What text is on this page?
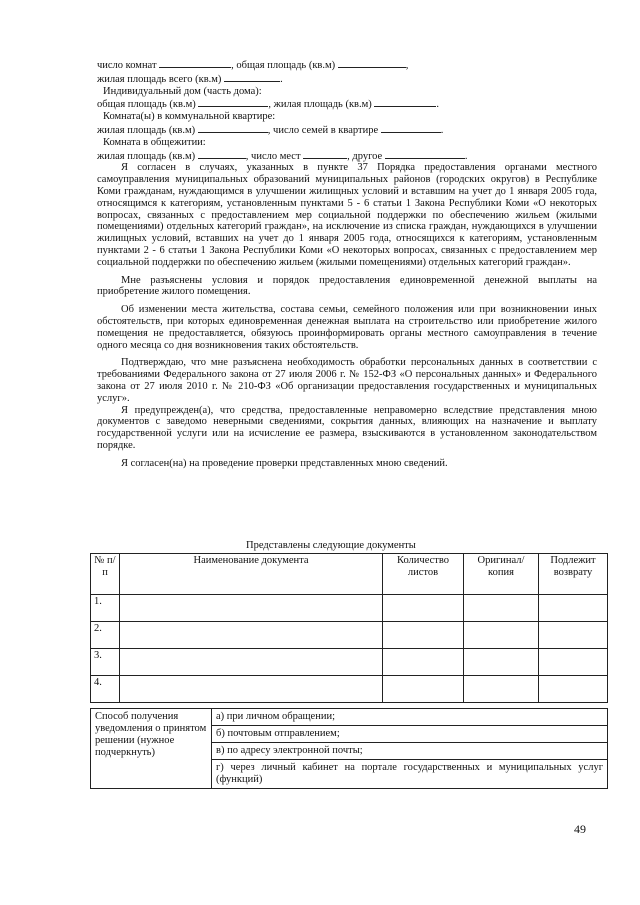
число комнат	, общая площадь (кв.м)	,
жилая площадь всего (кв.м)	.
Индивидуальный дом (часть дома):
общая площадь (кв.м)	, жилая площадь (кв.м)	.
Комната(ы) в коммунальной квартире:
жилая площадь (кв.м)	, число семей в квартире	.
Комната в общежитии:
жилая площадь (кв.м)	, число мест	, другое	.

Я согласен в случаях, указанных в пункте 37 Порядка предоставления органами местного самоуправления муниципальных образований муниципальных районов (городских округов) в Республике Коми гражданам, нуждающимся в улучшении жилищных условий и вставшим на учет до 1 января 2005 года, относящимся к категориям, установленным пунктами 5 - 6 статьи 1 Закона Республики Коми «О некоторых вопросах, связанных с предоставлением мер социальной поддержки по обеспечению жильем (жилыми помещениями) отдельных категорий граждан», на исключение из списка граждан, нуждающихся в улучшении жилищных условий, вставших на учет до 1 января 2005 года, относящихся к категориям, установленным пунктами 2 - 6 статьи 1 Закона Республики Коми «О некоторых вопросах, связанных с предоставлением мер социальной поддержки по обеспечению жильем (жилыми помещениями) отдельных категорий граждан».

Мне разъяснены условия и порядок предоставления единовременной денежной выплаты на приобретение жилого помещения.

Об изменении места жительства, состава семьи, семейного положения или при возникновении иных обстоятельств, при которых единовременная денежная выплата на строительство или приобретение жилого помещения не предоставляется, обязуюсь проинформировать органы местного самоуправления в течение одного месяца со дня возникновения таких обстоятельств.

Подтверждаю, что мне разъяснена необходимость обработки персональных данных в соответствии с требованиями Федерального закона от 27 июля 2006 г. № 152-ФЗ «О персональных данных» и Федерального закона от 27 июля 2010 г. № 210-ФЗ «Об организации предоставления государственных и муниципальных услуг».

Я предупрежден(а), что средства, предоставленные неправомерно вследствие представления мною документов с заведомо неверными сведениями, сокрытия данных, влияющих на назначение и выплату государственной услуги или на исчисление ее размера, взыскиваются в установленном законодательством порядке.

Я согласен(на) на проведение проверки представленных мною сведений.

Представлены следующие документы
№ п/п	Наименование документа	Количество листов	Оригинал/копия	Подлежит возврату
1.				
2.				
3.				
4.				
Способ получения уведомления о принятом решении (нужное подчеркнуть)	а) при личном обращении;
б) почтовым отправлением;
в) по адресу электронной почты;
г) через личный кабинет на портале государственных и муниципальных услуг (функций)
49
